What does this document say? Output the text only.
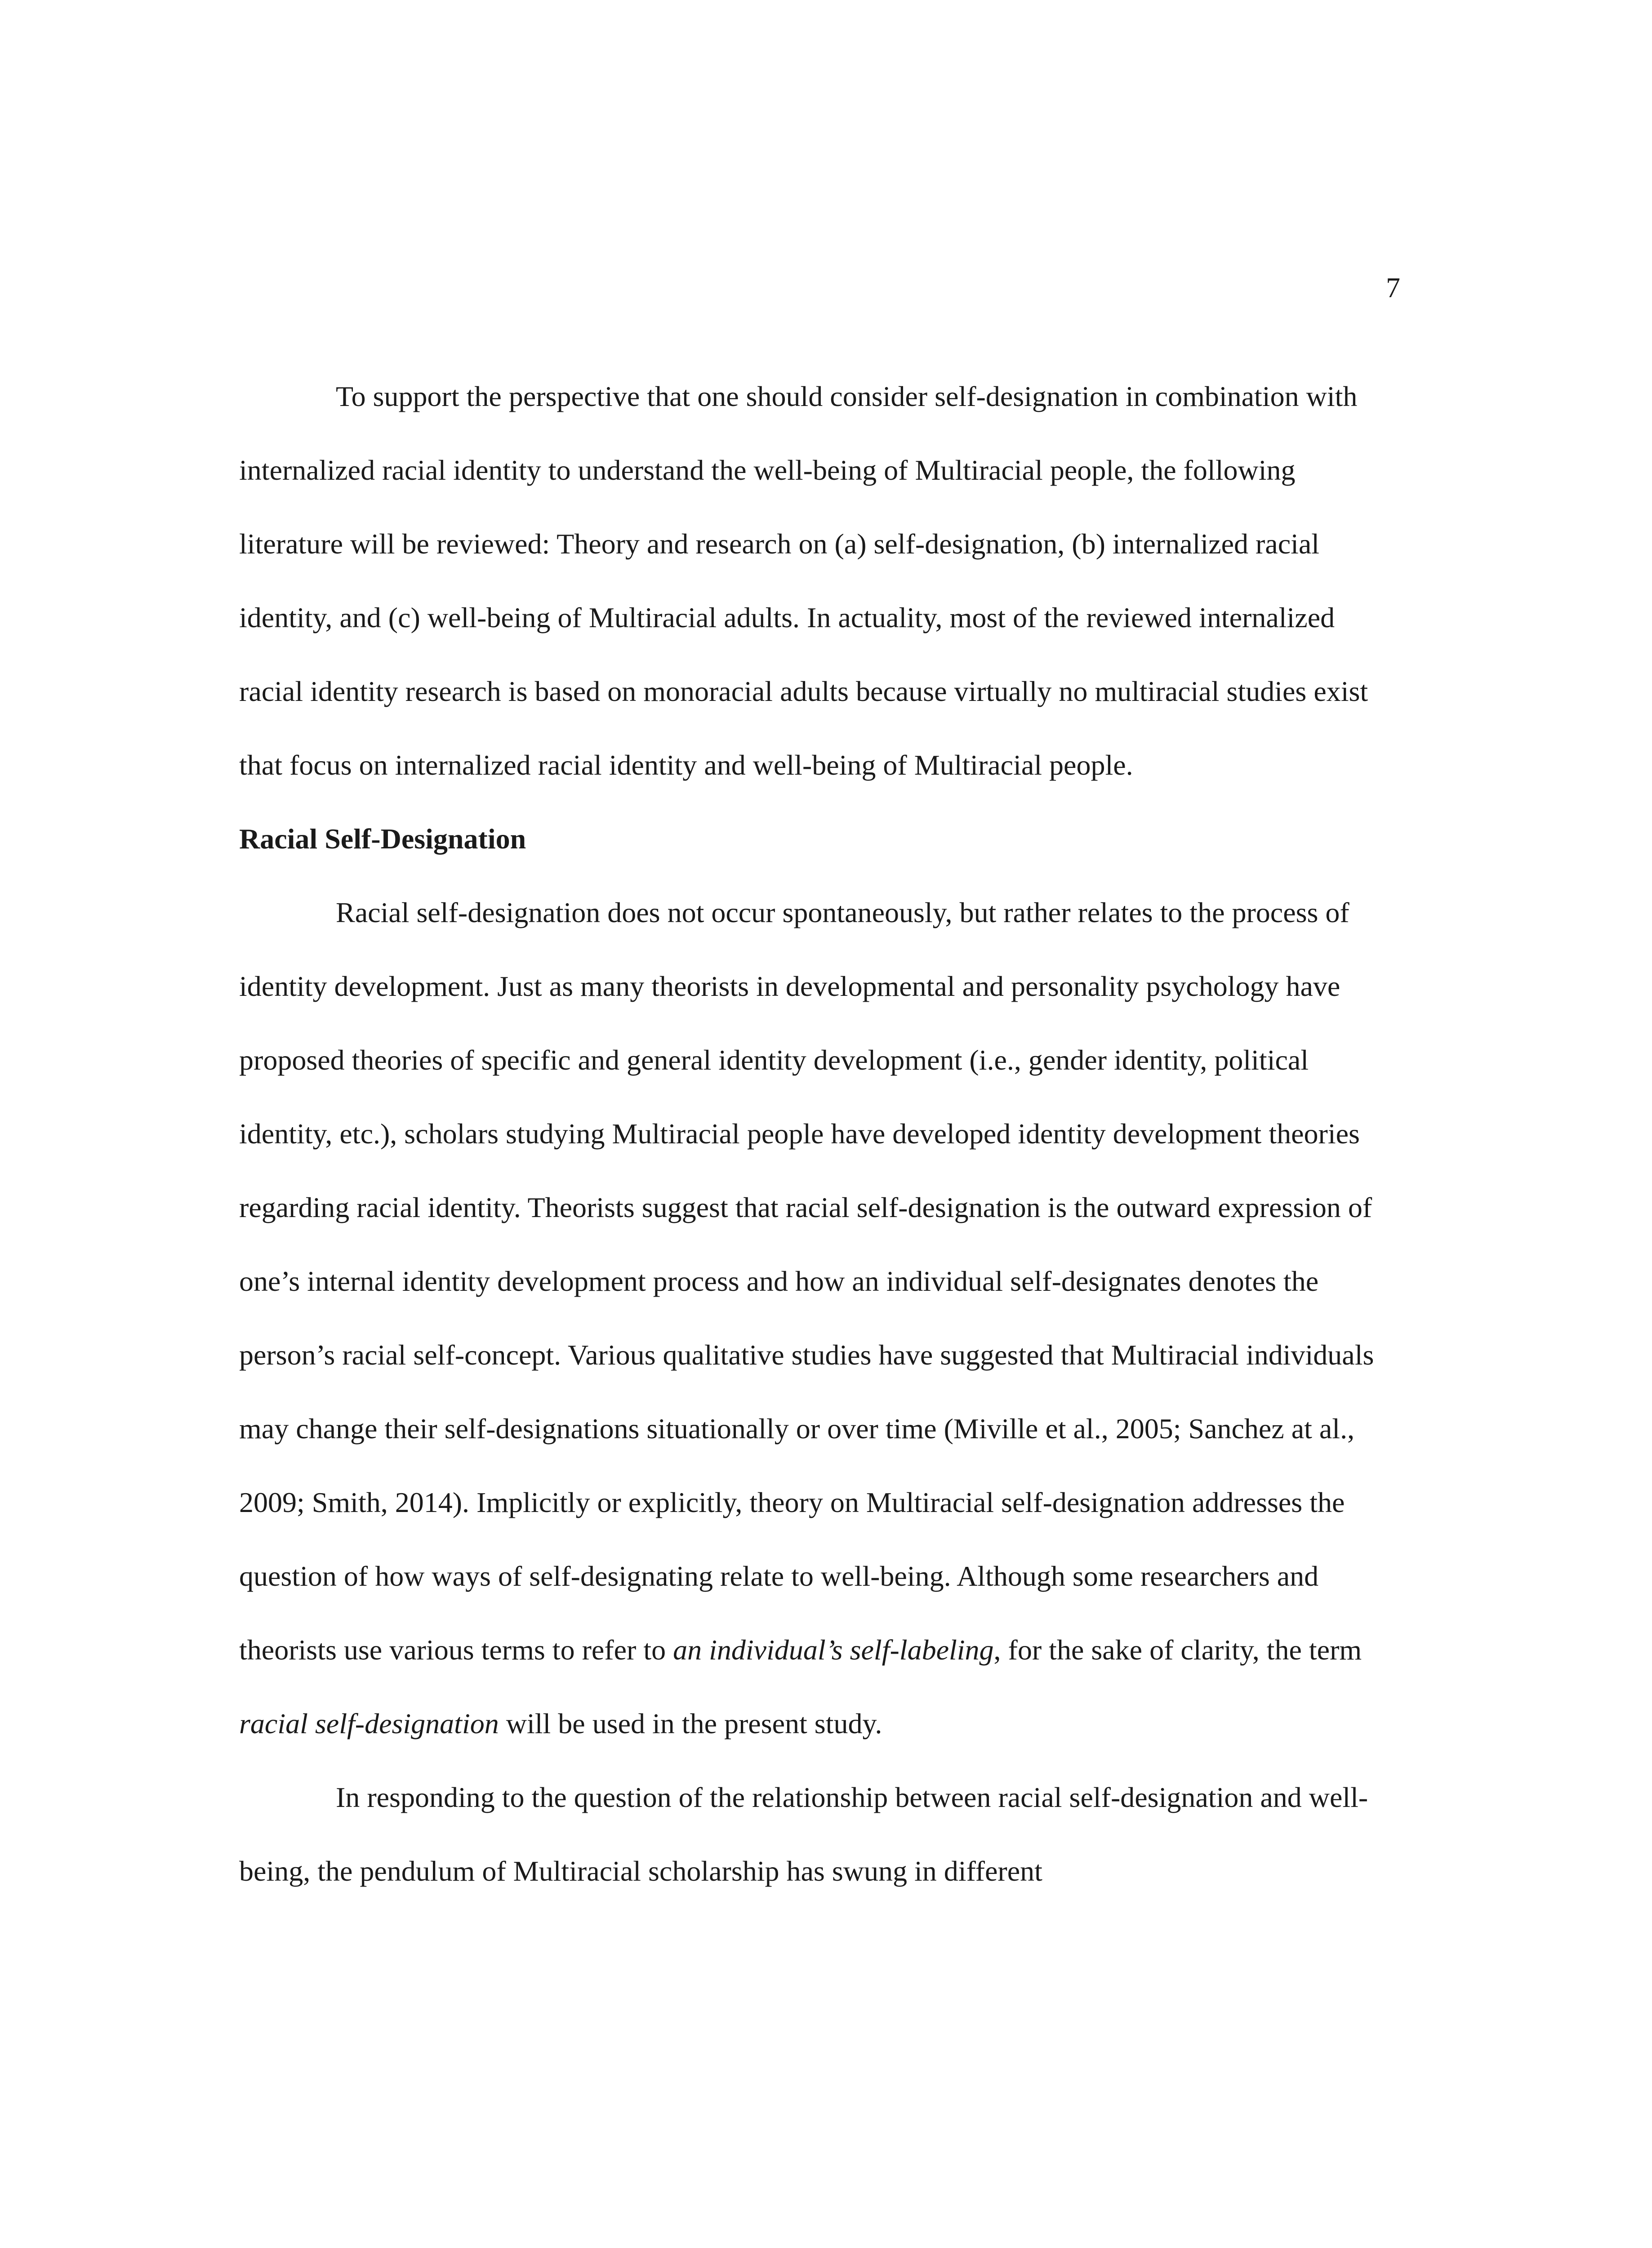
7

To support the perspective that one should consider self-designation in combination with internalized racial identity to understand the well-being of Multiracial people, the following literature will be reviewed: Theory and research on (a) self-designation, (b) internalized racial identity, and (c) well-being of Multiracial adults. In actuality, most of the reviewed internalized racial identity research is based on monoracial adults because virtually no multiracial studies exist that focus on internalized racial identity and well-being of Multiracial people.

Racial Self-Designation

Racial self-designation does not occur spontaneously, but rather relates to the process of identity development. Just as many theorists in developmental and personality psychology have proposed theories of specific and general identity development (i.e., gender identity, political identity, etc.), scholars studying Multiracial people have developed identity development theories regarding racial identity. Theorists suggest that racial self-designation is the outward expression of one’s internal identity development process and how an individual self-designates denotes the person’s racial self-concept. Various qualitative studies have suggested that Multiracial individuals may change their self-designations situationally or over time (Miville et al., 2005; Sanchez at al., 2009; Smith, 2014). Implicitly or explicitly, theory on Multiracial self-designation addresses the question of how ways of self-designating relate to well-being. Although some researchers and theorists use various terms to refer to an individual’s self-labeling, for the sake of clarity, the term racial self-designation will be used in the present study.

In responding to the question of the relationship between racial self-designation and well-being, the pendulum of Multiracial scholarship has swung in different
